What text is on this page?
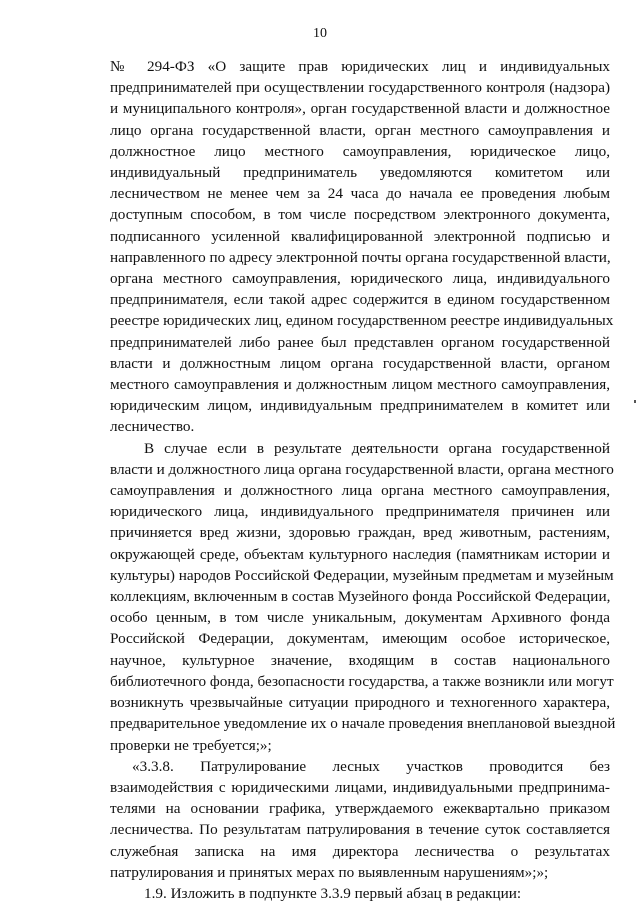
10

№ 294-ФЗ «О защите прав юридических лиц и индивидуальных
предпринимателей при осуществлении государственного контроля (надзора)
и муниципального контроля», орган государственной власти и должностное
лицо органа государственной власти, орган местного самоуправления и
должностное лицо местного самоуправления, юридическое лицо,
индивидуальный предприниматель уведомляются комитетом или
лесничеством не менее чем за 24 часа до начала ее проведения любым
доступным способом, в том числе посредством электронного документа,
подписанного усиленной квалифицированной электронной подписью и
направленного по адресу электронной почты органа государственной власти,
органа местного самоуправления, юридического лица, индивидуального
предпринимателя, если такой адрес содержится в едином государственном
реестре юридических лиц, едином государственном реестре индивидуальных
предпринимателей либо ранее был представлен органом государственной
власти и должностным лицом органа государственной власти, органом
местного самоуправления и должностным лицом местного самоуправления,
юридическим лицом, индивидуальным предпринимателем в комитет или
лесничество.

В случае если в результате деятельности органа государственной
власти и должностного лица органа государственной власти, органа местного
самоуправления и должностного лица органа местного самоуправления,
юридического лица, индивидуального предпринимателя причинен или
причиняется вред жизни, здоровью граждан, вред животным, растениям,
окружающей среде, объектам культурного наследия (памятникам истории и
культуры) народов Российской Федерации, музейным предметам и музейным
коллекциям, включенным в состав Музейного фонда Российской Федерации,
особо ценным, в том числе уникальным, документам Архивного фонда
Российской Федерации, документам, имеющим особое историческое,
научное, культурное значение, входящим в состав национального
библиотечного фонда, безопасности государства, а также возникли или могут
возникнуть чрезвычайные ситуации природного и техногенного характера,
предварительное уведомление их о начале проведения внеплановой выездной
проверки не требуется;»;

«3.3.8. Патрулирование лесных участков проводится без
взаимодействия с юридическими лицами, индивидуальными предпринима-
телями на основании графика, утверждаемого ежеквартально приказом
лесничества. По результатам патрулирования в течение суток составляется
служебная записка на имя директора лесничества о результатах
патрулирования и принятых мерах по выявленным нарушениям»;»;

1.9. Изложить в подпункте 3.3.9 первый абзац в редакции:
